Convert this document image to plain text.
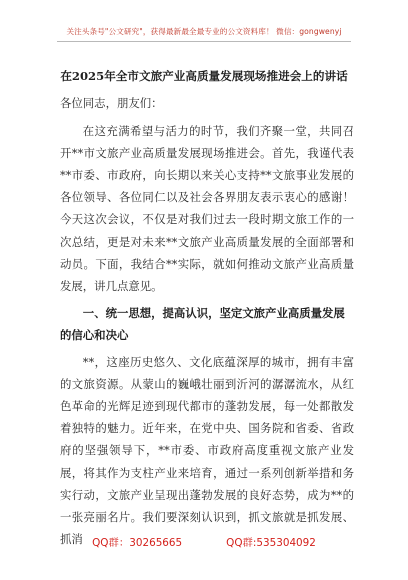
关注头条号"公文研究"，获得最新最全最专业的公文资料库！ 微信：gongwenyj
在2025年全市文旅产业高质量发展现场推进会上的讲话

各位同志，朋友们：

在这充满希望与活力的时节，我们齐聚一堂，共同召开**市文旅产业高质量发展现场推进会。首先，我谨代表**市委、市政府，向长期以来关心支持**文旅事业发展的各位领导、各位同仁以及社会各界朋友表示衷心的感谢！今天这次会议，不仅是对我们过去一段时期文旅工作的一次总结，更是对未来**文旅产业高质量发展的全面部署和动员。下面，我结合**实际，就如何推动文旅产业高质量发展，讲几点意见。

一、统一思想，提高认识，坚定文旅产业高质量发展的信心和决心

**，这座历史悠久、文化底蕴深厚的城市，拥有丰富的文旅资源。从蒙山的巍峨壮丽到沂河的潺潺流水，从红色革命的光辉足迹到现代都市的蓬勃发展，每一处都散发着独特的魅力。近年来，在党中央、国务院和省委、省政府的坚强领导下，**市委、市政府高度重视文旅产业发展，将其作为支柱产业来培育，通过一系列创新举措和务实行动，文旅产业呈现出蓬勃发展的良好态势，成为**的一张亮丽名片。我们要深刻认识到，抓文旅就是抓发展、抓消 QQ群：30265665	QQ群:535304092
